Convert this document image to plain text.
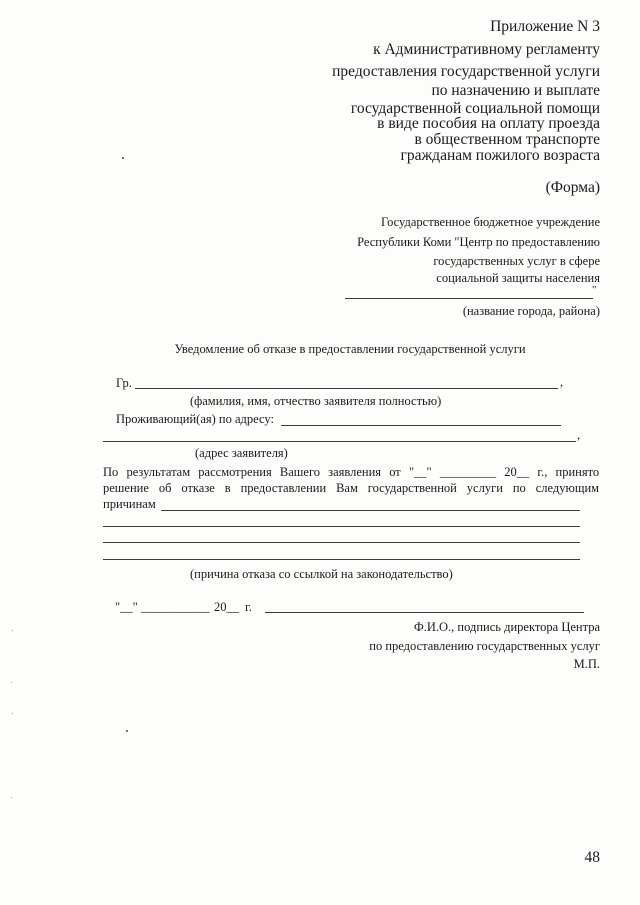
Приложение N 3
к Административному регламенту
предоставления государственной услуги
по назначению и выплате
государственной социальной помощи
в виде пособия на оплату проезда
в общественном транспорте
гражданам пожилого возраста
(Форма)
Государственное бюджетное учреждение
Республики Коми "Центр по предоставлению
государственных услуг в сфере
социальной защиты населения
"
(название города, района)
Уведомление об отказе в предоставлении государственной услуги
Гр.	,
(фамилия, имя, отчество заявителя полностью)
Проживающий(ая) по адресу:
,
(адрес заявителя)
По результатам рассмотрения Вашего заявления от "__" _________ 20__ г., принято
решение об отказе в предоставлении Вам государственной услуги по следующим
причинам
(причина отказа со ссылкой на законодательство)
"__" ___________ 20__ г.
Ф.И.О., подпись директора Центра
по предоставлению государственных услуг
М.П.
48
